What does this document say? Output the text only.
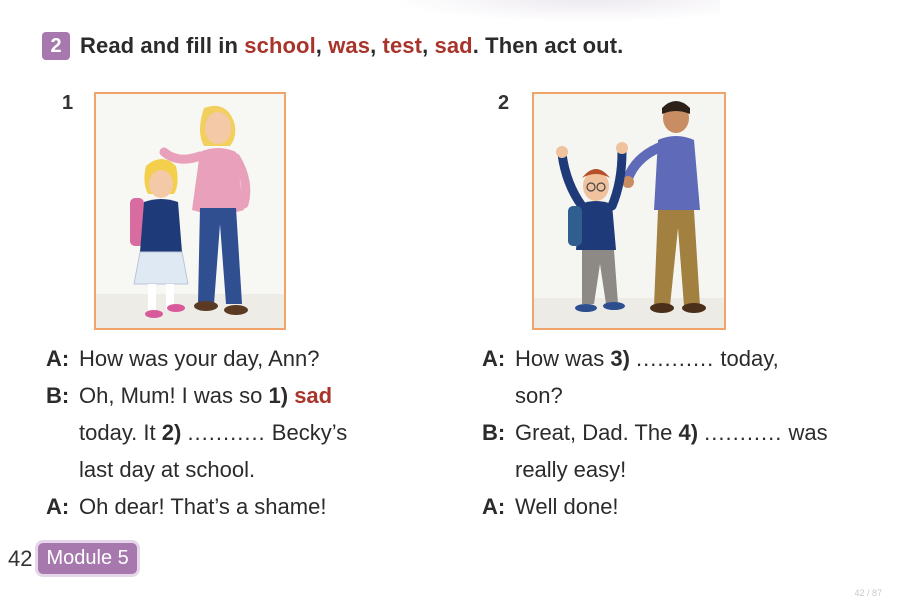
2 Read and fill in school, was, test, sad. Then act out.
1	2
A: How was your day, Ann?
B: Oh, Mum! I was so 1) sad
today. It 2) ........... Becky’s
last day at school.
A: Oh dear! That’s a shame!
A: How was 3) ........... today,
son?
B: Great, Dad. The 4) ........... was
really easy!
A: Well done!
42 Module 5
42 / 87
